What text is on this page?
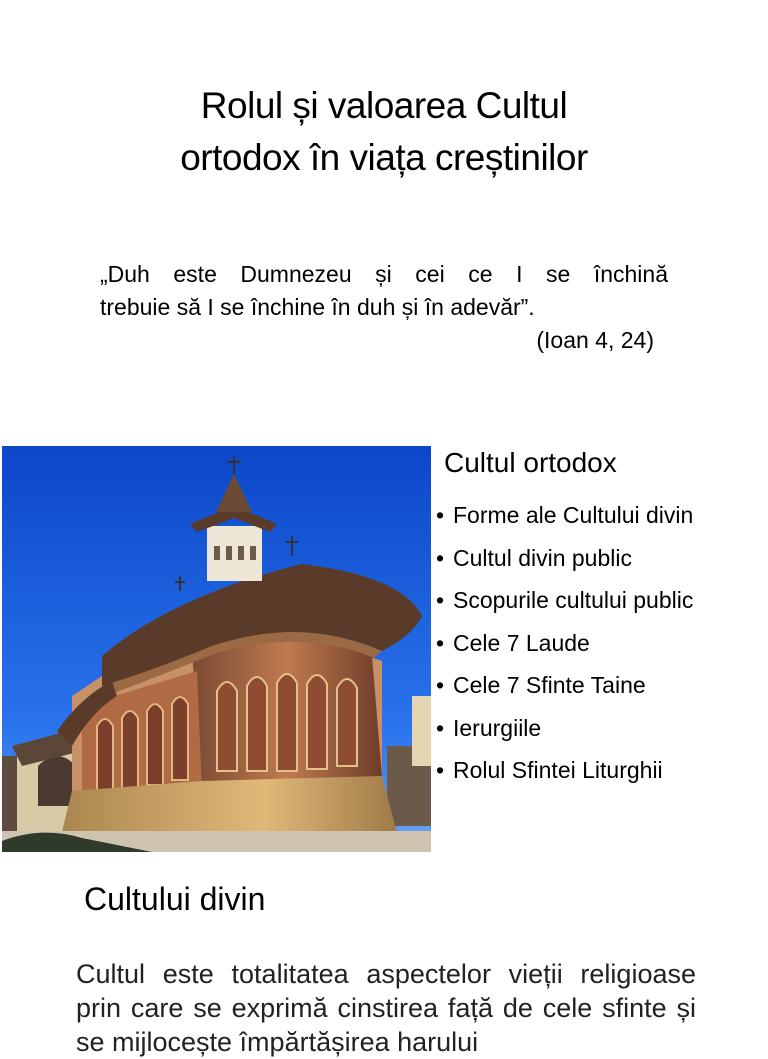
Rolul și valoarea Cultul
ortodox în viața creștinilor
„Duh este Dumnezeu și cei ce I se închină
trebuie să I se închine în duh și în adevăr”.
(Ioan 4, 24)
Cultul ortodox
• Forme ale Cultului divin
• Cultul divin public
• Scopurile cultului public
• Cele 7 Laude
• Cele 7 Sfinte Taine
• Ierurgiile
• Rolul Sfintei Liturghii
Cultului divin

Cultul este totalitatea aspectelor vieții religioase prin care se exprimă cinstirea față de cele sfinte și se mijlocește împărtășirea harului
